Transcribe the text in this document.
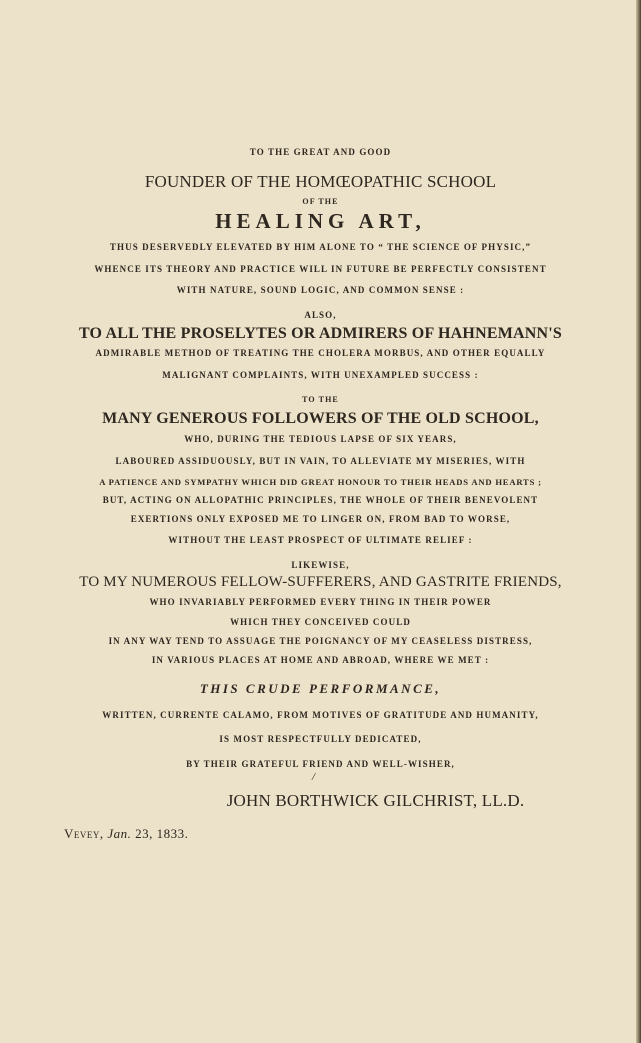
TO THE GREAT AND GOOD
FOUNDER OF THE HOMŒOPATHIC SCHOOL
OF THE
HEALING ART,
THUS DESERVEDLY ELEVATED BY HIM ALONE TO “ THE SCIENCE OF PHYSIC,”
WHENCE ITS THEORY AND PRACTICE WILL IN FUTURE BE PERFECTLY CONSISTENT
WITH NATURE, SOUND LOGIC, AND COMMON SENSE :
ALSO,
TO ALL THE PROSELYTES OR ADMIRERS OF HAHNEMANN'S
ADMIRABLE METHOD OF TREATING THE CHOLERA MORBUS, AND OTHER EQUALLY
MALIGNANT COMPLAINTS, WITH UNEXAMPLED SUCCESS :
TO THE
MANY GENEROUS FOLLOWERS OF THE OLD SCHOOL,
WHO, DURING THE TEDIOUS LAPSE OF SIX YEARS,
LABOURED ASSIDUOUSLY, BUT IN VAIN, TO ALLEVIATE MY MISERIES, WITH
A PATIENCE AND SYMPATHY WHICH DID GREAT HONOUR TO THEIR HEADS AND HEARTS ;
BUT, ACTING ON ALLOPATHIC PRINCIPLES, THE WHOLE OF THEIR BENEVOLENT
EXERTIONS ONLY EXPOSED ME TO LINGER ON, FROM BAD TO WORSE,
WITHOUT THE LEAST PROSPECT OF ULTIMATE RELIEF :
LIKEWISE,
TO MY NUMEROUS FELLOW-SUFFERERS, AND GASTRITE FRIENDS,
WHO INVARIABLY PERFORMED EVERY THING IN THEIR POWER
WHICH THEY CONCEIVED COULD
IN ANY WAY TEND TO ASSUAGE THE POIGNANCY OF MY CEASELESS DISTRESS,
IN VARIOUS PLACES AT HOME AND ABROAD, WHERE WE MET :
THIS CRUDE PERFORMANCE,
WRITTEN, CURRENTE CALAMO, FROM MOTIVES OF GRATITUDE AND HUMANITY,
IS MOST RESPECTFULLY DEDICATED,
BY THEIR GRATEFUL FRIEND AND WELL-WISHER,
/
JOHN BORTHWICK GILCHRIST, LL.D.
Vevey, Jan. 23, 1833.
